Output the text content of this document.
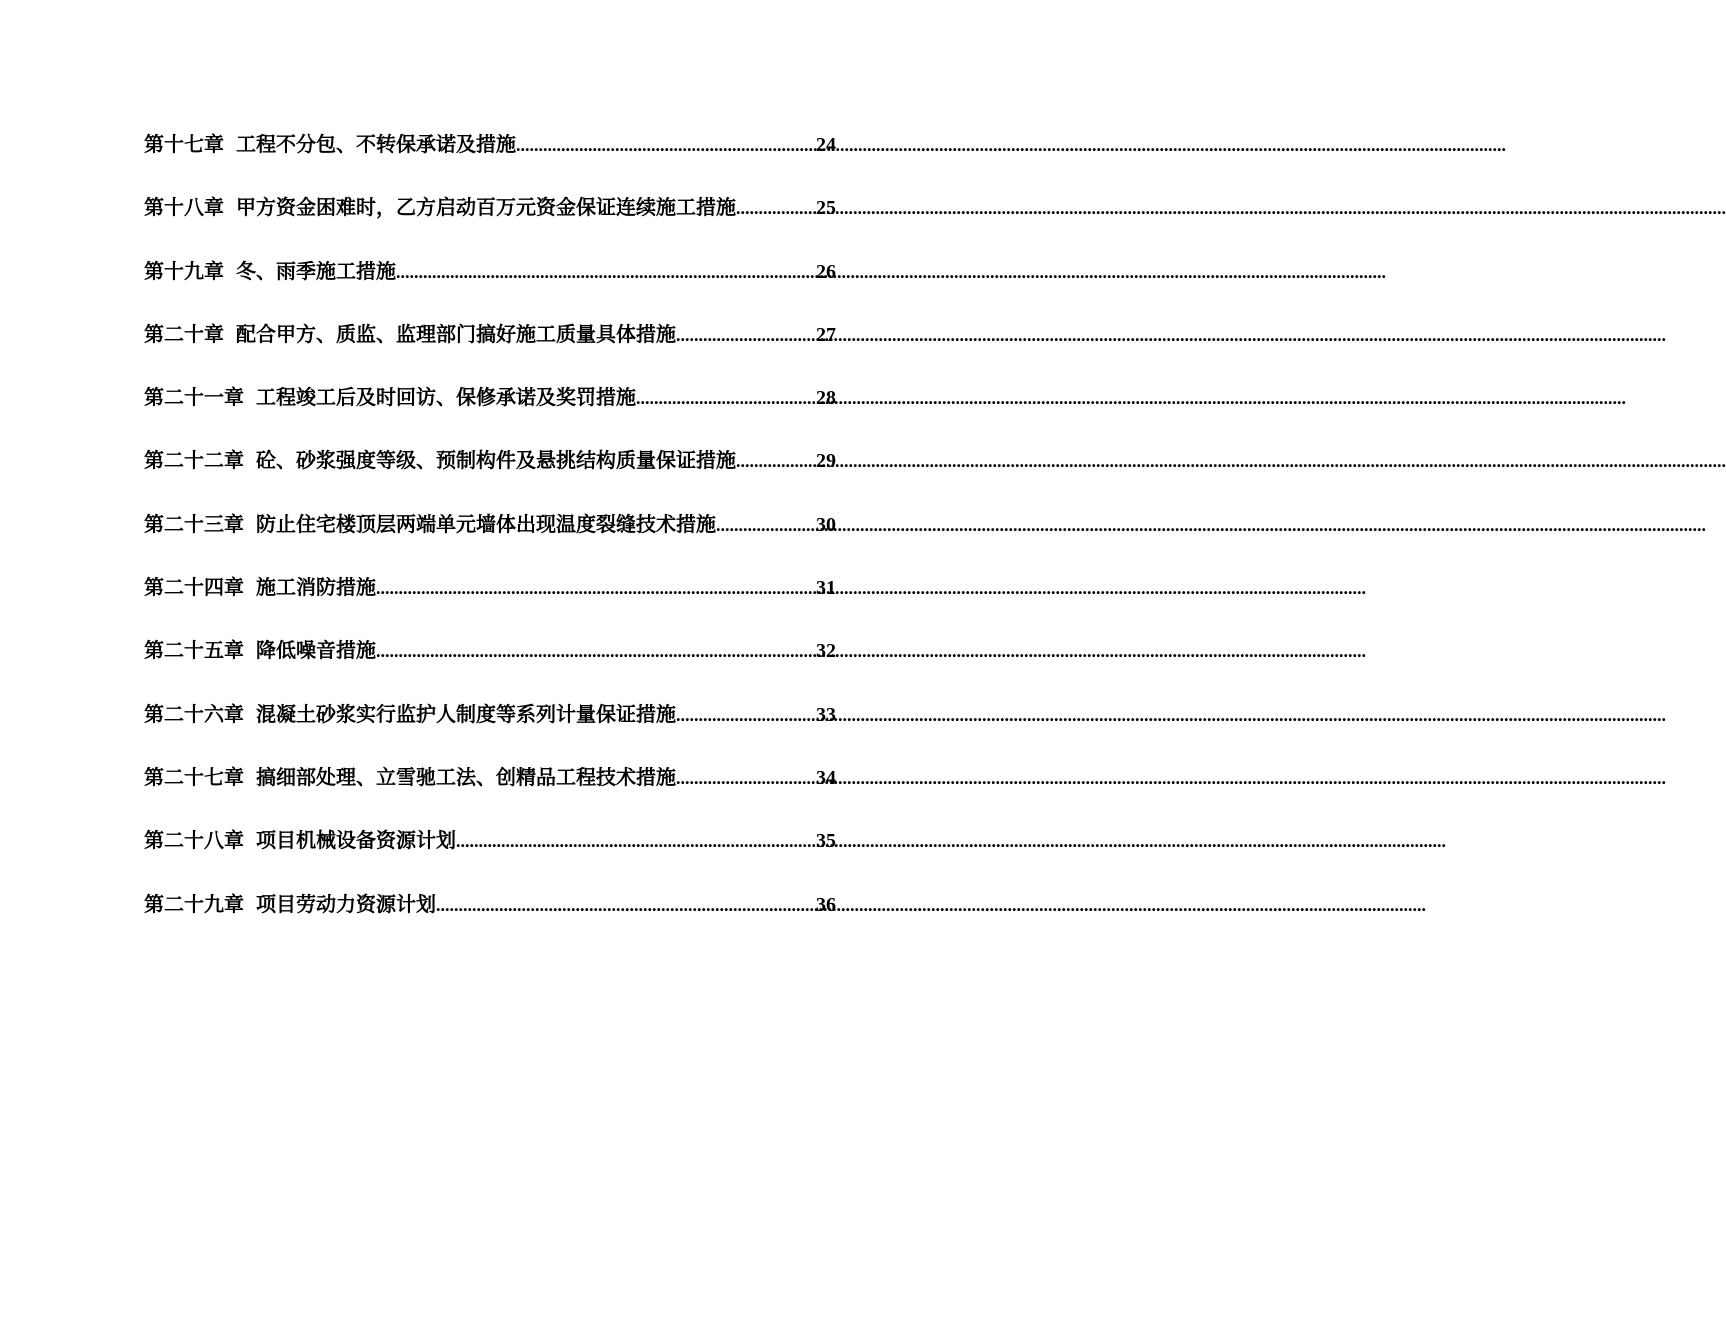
第十七章 工程不分包、不转保承诺及措施 .....	24
第十八章 甲方资金困难时，乙方启动百万元资金保证连续施工措施 .....	25
第十九章 冬、雨季施工措施 .....	26
第二十章 配合甲方、质监、监理部门搞好施工质量具体措施 .....	27
第二十一章 工程竣工后及时回访、保修承诺及奖罚措施 .....	28
第二十二章 砼、砂浆强度等级、预制构件及悬挑结构质量保证措施 .....	29
第二十三章 防止住宅楼顶层两端单元墙体出现温度裂缝技术措施 .....	30
第二十四章 施工消防措施 .....	31
第二十五章 降低噪音措施 .....	32
第二十六章 混凝土砂浆实行监护人制度等系列计量保证措施 .....	33
第二十七章 搞细部处理、立雪驰工法、创精品工程技术措施 .....	34
第二十八章 项目机械设备资源计划 .....	35
第二十九章 项目劳动力资源计划 .....	36
